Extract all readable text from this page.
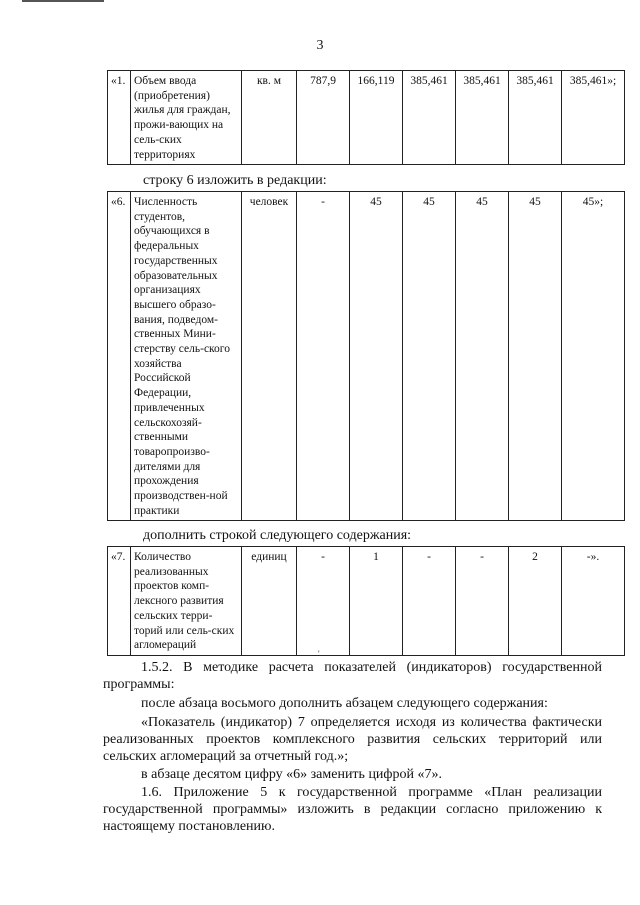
3
«1.	Объем ввода (приобретения) жилья для граждан, прожи-вающих на сель-ских территориях	кв. м	787,9	166,119	385,461	385,461	385,461	385,461»;
строку 6 изложить в редакции:
«6.	Численность студентов, обучающихся в федеральных государственных образовательных организациях высшего образо-вания, подведом-ственных Мини-стерству сель-ского хозяйства Российской Федерации, привлеченных сельскохозяй-ственными товаропроизво-дителями для прохождения производствен-ной практики	человек	-	45	45	45	45	45»;
дополнить строкой следующего содержания:
«7.	Количество реализованных проектов комп-лексного развития сельских терри-торий или сель-ских агломераций	единиц	-	1	-	-	2	-».
1.5.2. В методике расчета показателей (индикаторов) государственной программы:
после абзаца восьмого дополнить абзацем следующего содержания:
«Показатель (индикатор) 7 определяется исходя из количества фактически реализованных проектов комплексного развития сельских территорий или сельских агломераций за отчетный год.»;
в абзаце десятом цифру «6» заменить цифрой «7».
1.6. Приложение 5 к государственной программе «План реализации государственной программы» изложить в редакции согласно приложению к настоящему постановлению.
'
